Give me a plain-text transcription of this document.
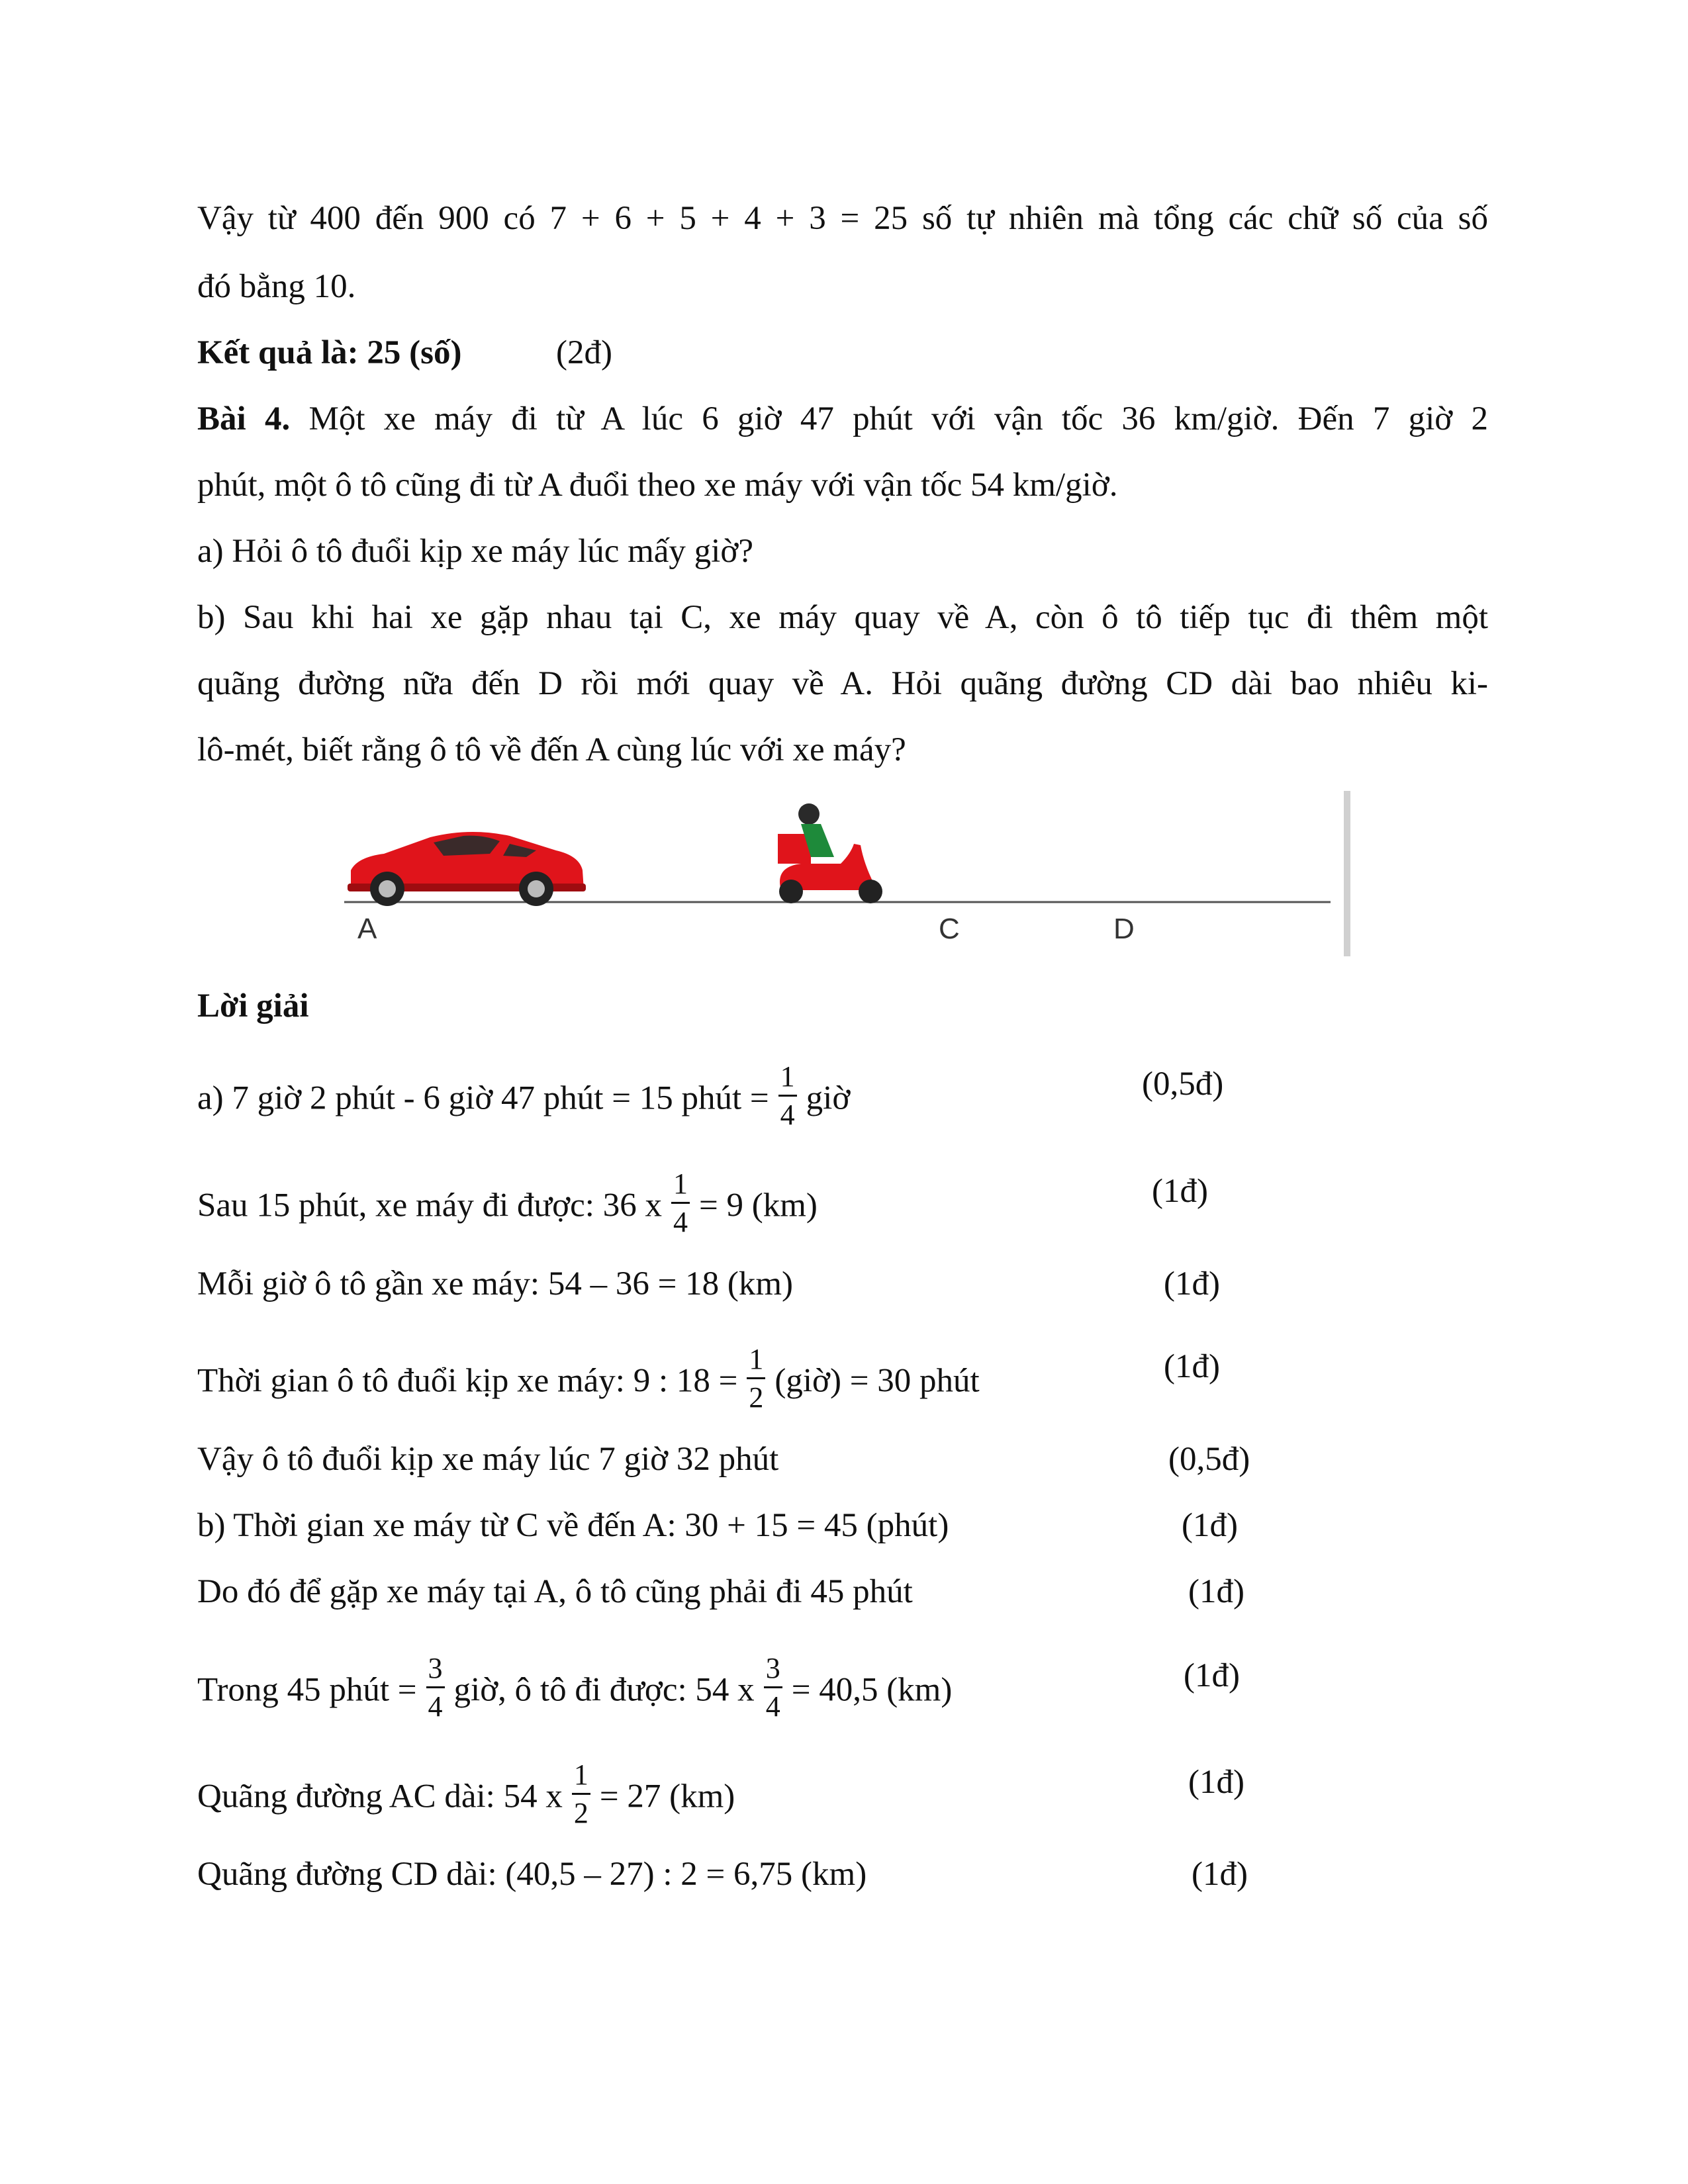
Vậy từ 400 đến 900 có 7 + 6 + 5 + 4 + 3 = 25 số tự nhiên mà tổng các chữ số của số
đó bằng 10.
Kết quả là: 25 (số)	(2đ)
Bài 4. Một xe máy đi từ A lúc 6 giờ 47 phút với vận tốc 36 km/giờ. Đến 7 giờ 2
phút, một ô tô cũng đi từ A đuổi theo xe máy với vận tốc 54 km/giờ.
a) Hỏi ô tô đuổi kịp xe máy lúc mấy giờ?
b) Sau khi hai xe gặp nhau tại C, xe máy quay về A, còn ô tô tiếp tục đi thêm một
quãng đường nữa đến D rồi mới quay về A. Hỏi quãng đường CD dài bao nhiêu ki-
lô-mét, biết rằng ô tô về đến A cùng lúc với xe máy?
A	C	D
Lời giải
a) 7 giờ 2 phút - 6 giờ 47 phút = 15 phút = $\frac{1}{4}$ giờ	(0,5đ)
Sau 15 phút, xe máy đi được: 36 x $\frac{1}{4} = 9$ (km)	(1đ)
Mỗi giờ ô tô gần xe máy: 54 – 36 = 18 (km)	(1đ)
Thời gian ô tô đuổi kịp xe máy: 9 : $18 = \frac{1}{2}$ (giờ) = 30 phút	(1đ)
Vậy ô tô đuổi kịp xe máy lúc 7 giờ 32 phút	(0,5đ)
b) Thời gian xe máy từ C về đến A: 30 + 15 = 45 (phút)	(1đ)
Do đó để gặp xe máy tại A, ô tô cũng phải đi 45 phút	(1đ)
Trong 45 phút = $\frac{3}{4}$ giờ, ô tô đi được: 54 x $\frac{3}{4} = 40,5$ (km)	(1đ)
Quãng đường AC dài: 54 x $\frac{1}{2} = 27$ (km)	(1đ)
Quãng đường CD dài: (40,5 – 27) : 2 = 6,75 (km)	(1đ)
